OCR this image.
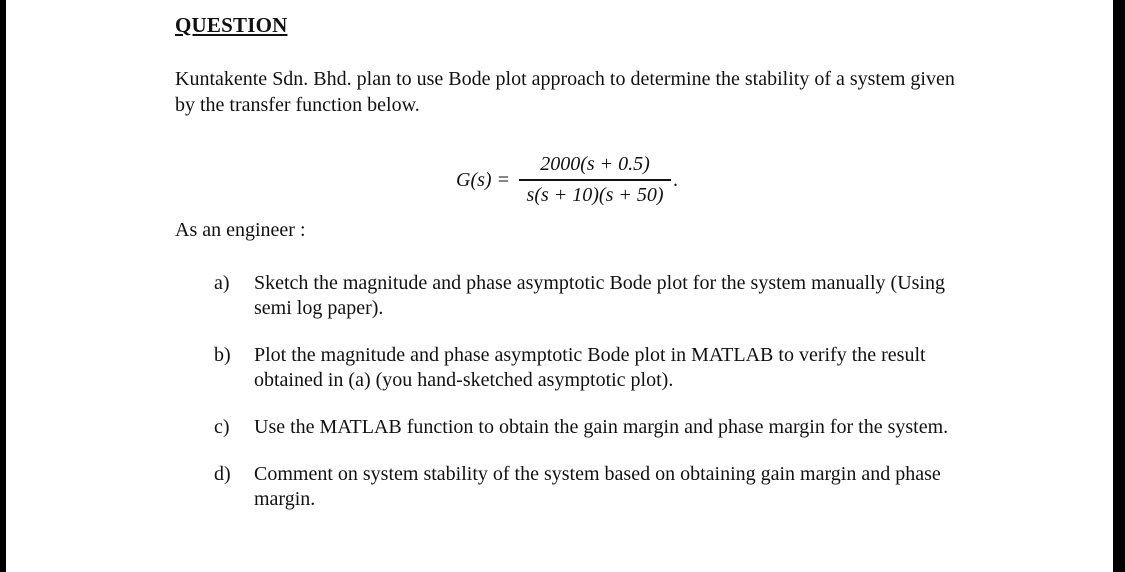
QUESTION
Kuntakente Sdn. Bhd. plan to use Bode plot approach to determine the stability of a system given by the transfer function below.
$G(s) = \frac{2000(s + 0.5)}{s(s + 10)(s + 50)}$ .
As an engineer :
a)	Sketch the magnitude and phase asymptotic Bode plot for the system manually (Using semi log paper).
b)	Plot the magnitude and phase asymptotic Bode plot in MATLAB to verify the result obtained in (a) (you hand-sketched asymptotic plot).
c)	Use the MATLAB function to obtain the gain margin and phase margin for the system.
d)	Comment on system stability of the system based on obtaining gain margin and phase margin.
